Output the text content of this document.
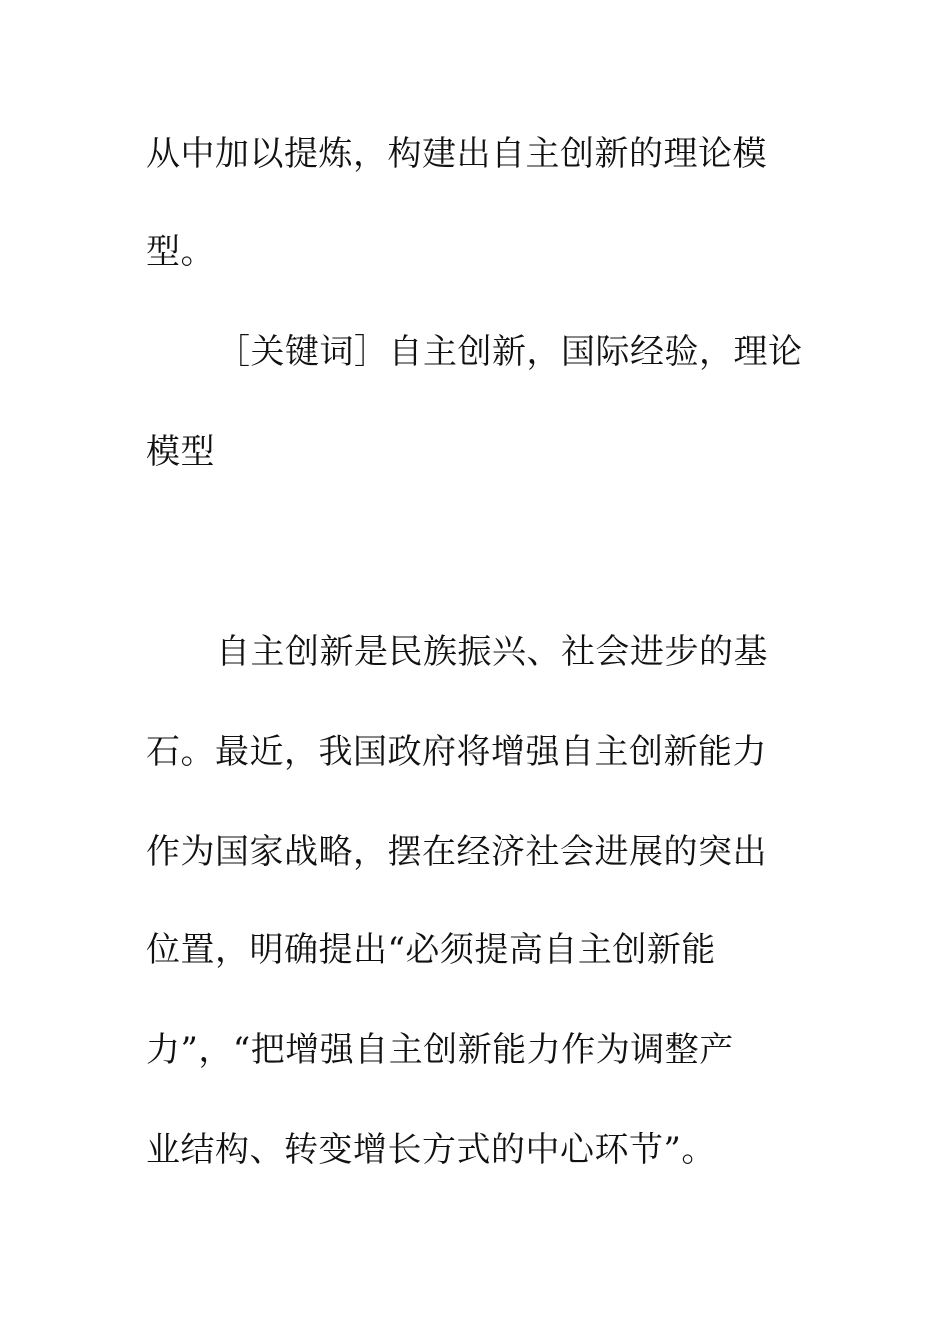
从中加以提炼，构建出自主创新的理论模
型。
［关键词］自主创新，国际经验，理论
模型
自主创新是民族振兴、社会进步的基
石。最近，我国政府将增强自主创新能力
作为国家战略，摆在经济社会进展的突出
位置，明确提出“必须提高自主创新能
力”，“把增强自主创新能力作为调整产
业结构、转变增长方式的中心环节”。
